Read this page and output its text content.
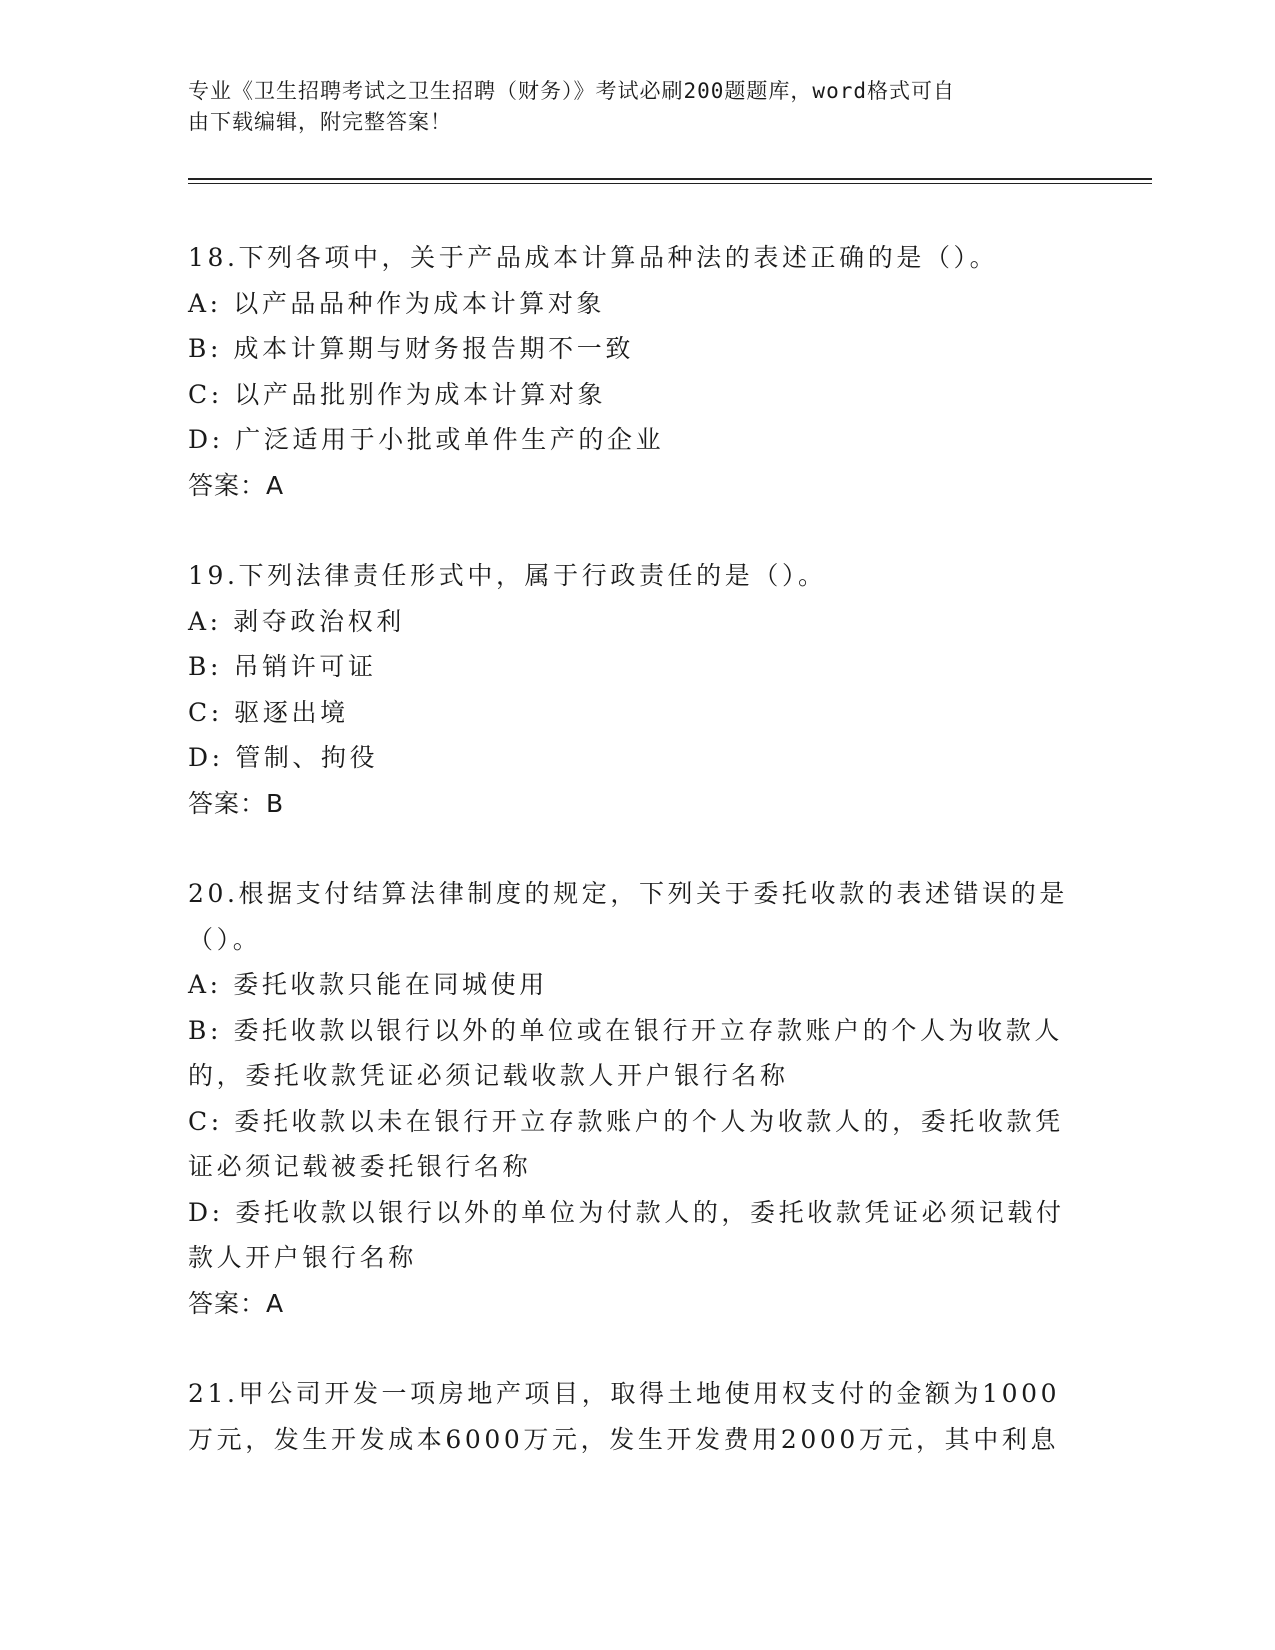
专业《卫生招聘考试之卫生招聘（财务）》考试必刷200题题库，word格式可自
由下载编辑，附完整答案！
18.下列各项中，关于产品成本计算品种法的表述正确的是（）。
A: 以产品品种作为成本计算对象
B: 成本计算期与财务报告期不一致
C: 以产品批别作为成本计算对象
D: 广泛适用于小批或单件生产的企业
答案：A
19.下列法律责任形式中，属于行政责任的是（）。
A: 剥夺政治权利
B: 吊销许可证
C: 驱逐出境
D: 管制、拘役
答案：B
20.根据支付结算法律制度的规定，下列关于委托收款的表述错误的是
（）。
A: 委托收款只能在同城使用
B: 委托收款以银行以外的单位或在银行开立存款账户的个人为收款人
的，委托收款凭证必须记载收款人开户银行名称
C: 委托收款以未在银行开立存款账户的个人为收款人的，委托收款凭
证必须记载被委托银行名称
D: 委托收款以银行以外的单位为付款人的，委托收款凭证必须记载付
款人开户银行名称
答案：A
21.甲公司开发一项房地产项目，取得土地使用权支付的金额为1000
万元，发生开发成本6000万元，发生开发费用2000万元，其中利息
